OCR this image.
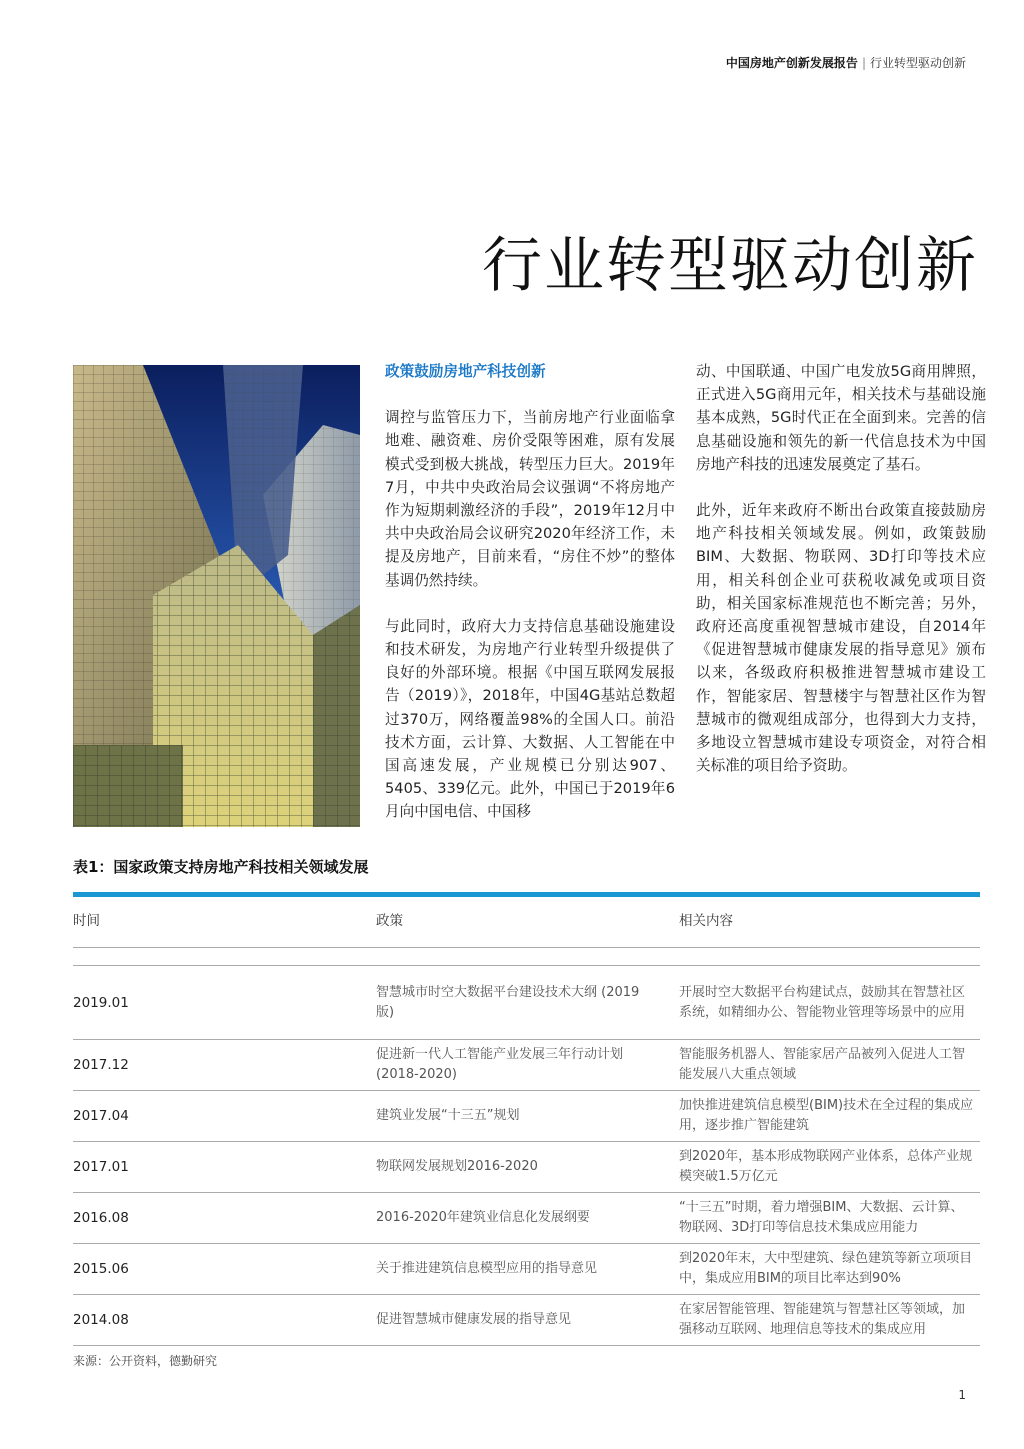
中国房地产创新发展报告 | 行业转型驱动创新
行业转型驱动创新

政策鼓励房地产科技创新

调控与监管压力下，当前房地产行业面临拿地难、融资难、房价受限等困难，原有发展模式受到极大挑战，转型压力巨大。2019年7月，中共中央政治局会议强调“不将房地产作为短期刺激经济的手段”，2019年12月中共中央政治局会议研究2020年经济工作，未提及房地产，目前来看，“房住不炒”的整体基调仍然持续。

与此同时，政府大力支持信息基础设施建设和技术研发，为房地产行业转型升级提供了良好的外部环境。根据《中国互联网发展报告（2019）》，2018年，中国4G基站总数超过370万，网络覆盖98%的全国人口。前沿技术方面，云计算、大数据、人工智能在中国高速发展，产业规模已分别达907、5405、339亿元。此外，中国已于2019年6月向中国电信、中国移

动、中国联通、中国广电发放5G商用牌照，正式进入5G商用元年，相关技术与基础设施基本成熟，5G时代正在全面到来。完善的信息基础设施和领先的新一代信息技术为中国房地产科技的迅速发展奠定了基石。

此外，近年来政府不断出台政策直接鼓励房地产科技相关领域发展。例如，政策鼓励BIM、大数据、物联网、3D打印等技术应用，相关科创企业可获税收减免或项目资助，相关国家标准规范也不断完善；另外，政府还高度重视智慧城市建设，自2014年《促进智慧城市健康发展的指导意见》颁布以来，各级政府积极推进智慧城市建设工作，智能家居、智慧楼宇与智慧社区作为智慧城市的微观组成部分，也得到大力支持，多地设立智慧城市建设专项资金，对符合相关标准的项目给予资助。

表1：国家政策支持房地产科技相关领域发展

时间	政策	相关内容

2019.01	智慧城市时空大数据平台建设技术大纲 (2019版)	开展时空大数据平台构建试点，鼓励其在智慧社区系统，如精细办公、智能物业管理等场景中的应用
2017.12	促进新一代人工智能产业发展三年行动计划 (2018-2020)	智能服务机器人、智能家居产品被列入促进人工智能发展八大重点领域
2017.04	建筑业发展“十三五”规划	加快推进建筑信息模型(BIM)技术在全过程的集成应用，逐步推广智能建筑
2017.01	物联网发展规划2016-2020	到2020年，基本形成物联网产业体系，总体产业规模突破1.5万亿元
2016.08	2016-2020年建筑业信息化发展纲要	“十三五”时期，着力增强BIM、大数据、云计算、物联网、3D打印等信息技术集成应用能力
2015.06	关于推进建筑信息模型应用的指导意见	到2020年末，大中型建筑、绿色建筑等新立项项目中，集成应用BIM的项目比率达到90%
2014.08	促进智慧城市健康发展的指导意见	在家居智能管理、智能建筑与智慧社区等领域，加强移动互联网、地理信息等技术的集成应用

来源：公开资料，德勤研究

1
